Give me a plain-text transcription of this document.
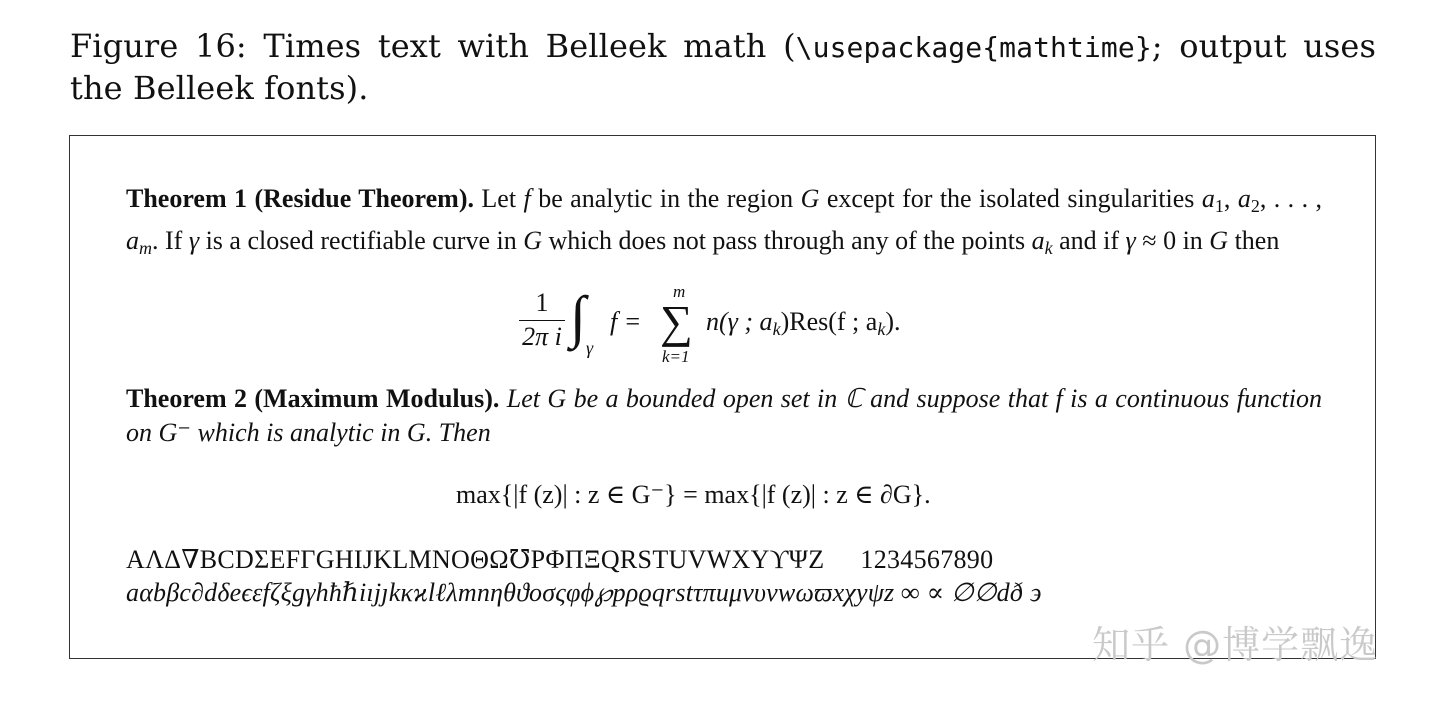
Figure 16: Times text with Belleek math (\usepackage{mathtime}; output uses the Belleek fonts).
Theorem 1 (Residue Theorem). Let f be analytic in the region G except for the isolated singularities $a_1$, $a_2$, . . . , $a_m$. If γ is a closed rectifiable curve in G which does not pass through any of the points $a_k$ and if γ ≈ 0 in G then
1
2π i ∫ γ
f = ∑
m
k=1
n(γ ; $a_k)Res(f$ ; $a_k$).
Theorem 2 (Maximum Modulus). Let G be a bounded open set in ℂ and suppose that f is a continuous function on G⁻ which is analytic in G. Then
max{|f (z)| : z ∈ G⁻} = max{|f (z)| : z ∈ ∂G}.
AΛΔ∇BCDΣEFΓGHIJKLMNOΘΩ℧PΦΠΞQRSTUVWXYϒΨZ 1234567890
aαbβc∂dδeϵεfζξgγhħℏiıjȷkκϰlℓλmnηθϑoσςφϕ℘pρϱqrstτπuμνυvwωϖxχyψz ∞ ∝ ∅∅dð ϶
知乎 @博学飘逸
